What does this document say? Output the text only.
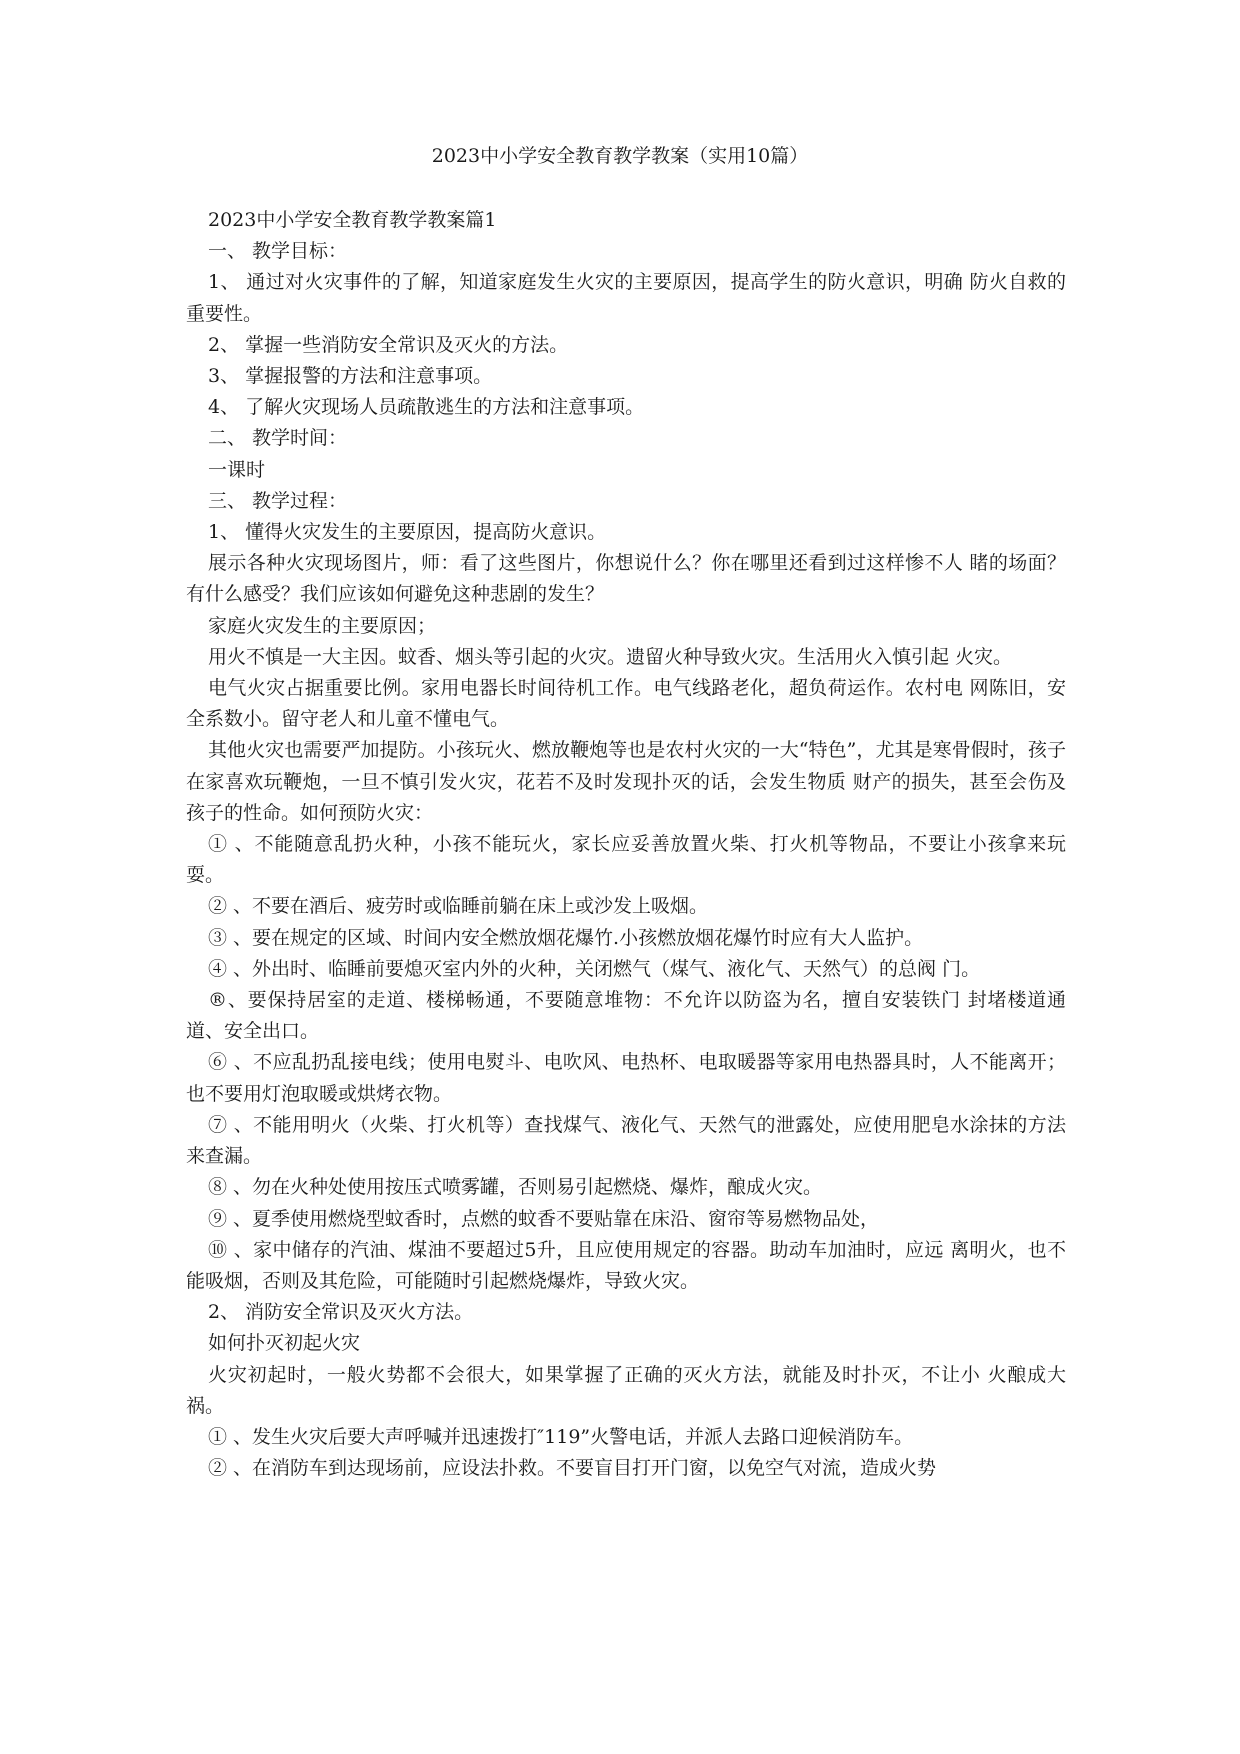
2023中小学安全教育教学教案（实用10篇）

2023中小学安全教育教学教案篇1

一、 教学目标：

1、 通过对火灾事件的了解，知道家庭发生火灾的主要原因，提高学生的防火意识，明确 防火自救的重要性。

2、 掌握一些消防安全常识及灭火的方法。

3、 掌握报警的方法和注意事项。

4、 了解火灾现场人员疏散逃生的方法和注意事项。

二、 教学时间：

一课时

三、 教学过程：

1、 懂得火灾发生的主要原因，提高防火意识。

展示各种火灾现场图片，师：看了这些图片，你想说什么？你在哪里还看到过这样惨不人 睹的场面？有什么感受？我们应该如何避免这种悲剧的发生？

家庭火灾发生的主要原因；

用火不慎是一大主因。蚊香、烟头等引起的火灾。遗留火种导致火灾。生活用火入慎引起 火灾。

电气火灾占据重要比例。家用电器长时间待机工作。电气线路老化，超负荷运作。农村电 网陈旧，安全系数小。留守老人和儿童不懂电气。

其他火灾也需要严加提防。小孩玩火、燃放鞭炮等也是农村火灾的一大“特色”，尤其是寒骨假时，孩子在家喜欢玩鞭炮，一旦不慎引发火灾，花若不及时发现扑灭的话，会发生物质 财产的损失，甚至会伤及孩子的性命。如何预防火灾：

① 、不能随意乱扔火种，小孩不能玩火，家长应妥善放置火柴、打火机等物品，不要让小孩拿来玩耍。

② 、不要在酒后、疲劳时或临睡前躺在床上或沙发上吸烟。

③ 、要在规定的区域、时间内安全燃放烟花爆竹.小孩燃放烟花爆竹时应有大人监护。

④ 、外出时、临睡前要熄灭室内外的火种，关闭燃气（煤气、液化气、天然气）的总阀 门。

®、要保持居室的走道、楼梯畅通，不要随意堆物：不允许以防盗为名，擅自安装铁门 封堵楼道通道、安全出口。

⑥ 、不应乱扔乱接电线；使用电熨斗、电吹风、电热杯、电取暖器等家用电热器具时，人不能离开；也不要用灯泡取暖或烘烤衣物。

⑦ 、不能用明火（火柴、打火机等）查找煤气、液化气、天然气的泄露处，应使用肥皂水涂抹的方法来查漏。

⑧ 、勿在火种处使用按压式喷雾罐，否则易引起燃烧、爆炸，酿成火灾。

⑨ 、夏季使用燃烧型蚊香时，点燃的蚊香不要贴靠在床沿、窗帘等易燃物品处，

⑩ 、家中储存的汽油、煤油不要超过5升，且应使用规定的容器。助动车加油时，应远 离明火，也不能吸烟，否则及其危险，可能随时引起燃烧爆炸，导致火灾。

2、 消防安全常识及灭火方法。

如何扑灭初起火灾

火灾初起时，一般火势都不会很大，如果掌握了正确的灭火方法，就能及时扑灭，不让小 火酿成大祸。

① 、发生火灾后要大声呼喊并迅速拨打″119”火警电话，并派人去路口迎候消防车。

② 、在消防车到达现场前，应设法扑救。不要盲目打开门窗，以免空气对流，造成火势
